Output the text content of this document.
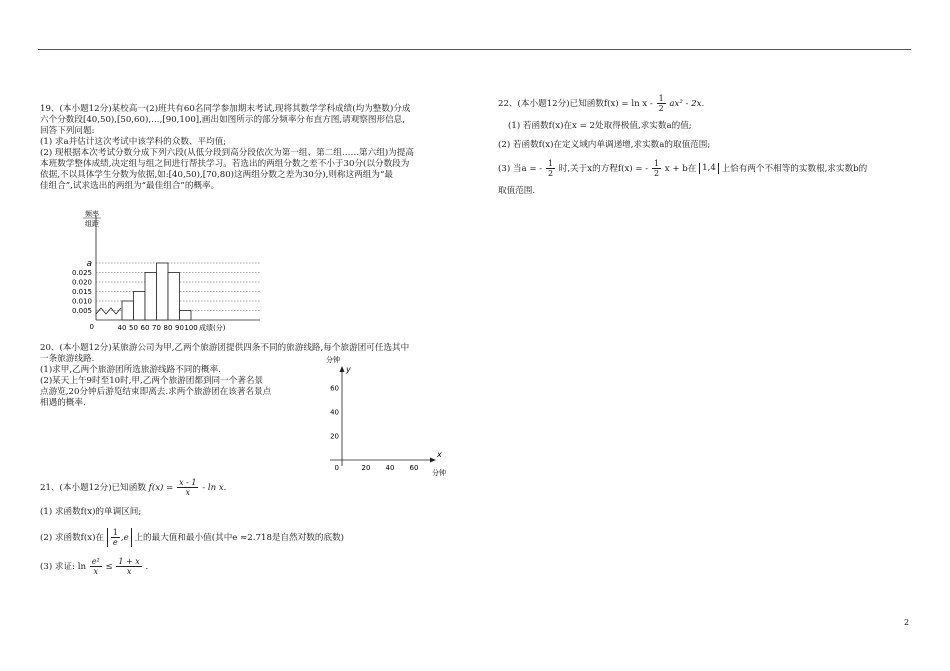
19、(本小题12分)某校高一(2)班共有60名同学参加期末考试,现将其数学学科成绩(均为整数)分成
六个分数段[40,50),[50,60),…,[90,100],画出如图所示的部分频率分布直方图,请观察图形信息,
回答下列问题:
(1) 求a并估计这次考试中该学科的众数、平均值;
(2) 现根据本次考试分数分成下列六段(从低分段到高分段依次为第一组、第二组……第六组)为提高
本班数学整体成绩,决定组与组之间进行帮扶学习。若选出的两组分数之差不小于30分(以分数段为
依据,不以具体学生分数为依据,如:[40,50),[70,80)这两组分数之差为30分),则称这两组为“最
佳组合”,试求选出的两组为“最佳组合”的概率。
频率
组距
0.005
0.010
0.015
0.020
0.025
a
40 50 60 70 80 90 100
0	成绩(分)
20、(本小题12分)某旅游公司为甲,乙两个旅游团提供四条不同的旅游线路,每个旅游团可任选其中
一条旅游线路.
(1)求甲,乙两个旅游团所选旅游线路不同的概率.
(2)某天上午9时至10时,甲,乙两个旅游团都到同一个著名景
点游览,20分钟后游览结束即离去.求两个旅游团在该著名景点
相遇的概率.
分钟
y
x
分钟
20
20
40
40
60
60
0
21、(本小题12分)已知函数 $f(x) = \frac{x - 1}{x} - \ln x$.
(1) 求函数f(x)的单调区间;
(2) 求函数f(x)在 $\frac{1}{e} ,e$ 上的最大值和最小值(其中e ≈2.718是自然对数的底数)
(3) 求证: $\ln \frac{\text{e²}}{x} \le \frac{1 + x}{x}$ .
22、(本小题12分)已知函数$f(x) = \ln x - \frac{1}{2} ax^2 - 2x$.
(1) 若函数f(x)在x = 2处取得极值,求实数a的值;
(2) 若函数f(x)在定义域内单调递增,求实数a的取值范围;
(3) 当a = - $\frac{1}{2}$ 时,关于x的方程f(x) = - $\frac{1}{2}$ x + b在 1,4 上恰有两个不相等的实数根,求实数b的
取值范围.
2
